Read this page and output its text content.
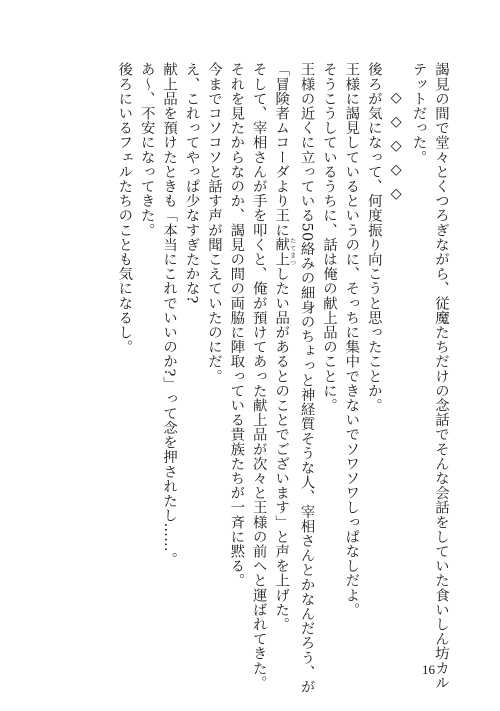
謁見の間で堂々とくつろぎながら、従魔たちだけの念話でそんな会話をしていた食いしん坊カル

テットだった。

◇◇◇◇◇

後ろが気になって、何度振り向こうと思ったことか。

王様に謁見しているというのに、そっちに集中できないでソワソワしっぱなしだよ。

そうこうしているうちに、話は俺の献上品のことに。

王様の近くに立っている50絡みの細身のちょっと神経質そうな人、宰相さんとかなんだろう、が

「冒険者ムコーダより王に献上 たてまつしたい品があるとのことでございます」と声を上げた。

そして、宰相さんが手を叩くと、俺が預けてあった献上品が次々と王様の前へと運ばれてきた。

それを見たからなのか、謁見の間の両脇に陣取っている貴族たちが一斉に黙る。

今までコソコソと話す声が聞こえていたのにだ。

え、これってやっぱ少なすぎたかな?

献上品を預けたときも「本当にこれでいいのか?」って念を押されたし……。

あ〜、不安になってきた。

後ろにいるフェルたちのことも気になるし。

16
